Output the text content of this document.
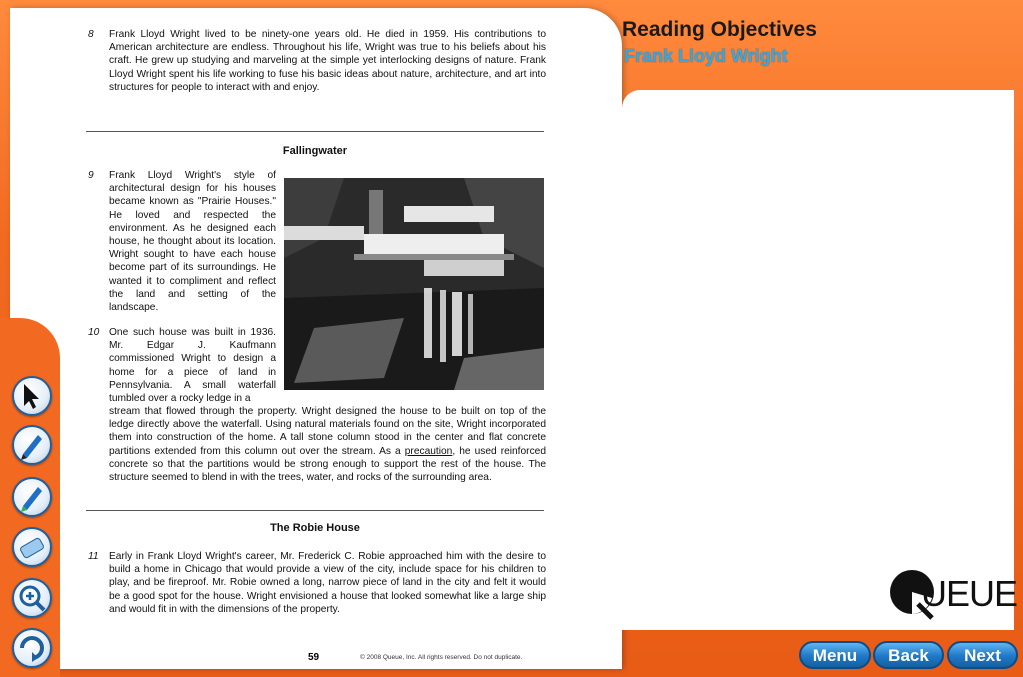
Reading Objectives
Frank Lloyd Wright
8 Frank Lloyd Wright lived to be ninety-one years old. He died in 1959. His contributions to American architecture are endless. Throughout his life, Wright was true to his beliefs about his craft. He grew up studying and marveling at the simple yet interlocking designs of nature. Frank Lloyd Wright spent his life working to fuse his basic ideas about nature, architecture, and art into structures for people to interact with and enjoy.
Fallingwater
9 Frank Lloyd Wright's style of architectural design for his houses became known as "Prairie Houses." He loved and respected the environment. As he designed each house, he thought about its location. Wright sought to have each house become part of its surroundings. He wanted it to compliment and reflect the land and setting of the landscape.
10 One such house was built in 1936. Mr. Edgar J. Kaufmann commissioned Wright to design a home for a piece of land in Pennsylvania. A small waterfall tumbled over a rocky ledge in a
stream that flowed through the property. Wright designed the house to be built on top of the ledge directly above the waterfall. Using natural materials found on the site, Wright incorporated them into construction of the home. A tall stone column stood in the center and flat concrete partitions extended from this column out over the stream. As a precaution, he used reinforced concrete so that the partitions would be strong enough to support the rest of the house. The structure seemed to blend in with the trees, water, and rocks of the surrounding area.
The Robie House
11 Early in Frank Lloyd Wright's career, Mr. Frederick C. Robie approached him with the desire to build a home in Chicago that would provide a view of the city, include space for his children to play, and be fireproof. Mr. Robie owned a long, narrow piece of land in the city and felt it would be a good spot for the house. Wright envisioned a house that looked somewhat like a large ship and would fit in with the dimensions of the property.
59	© 2008 Queue, Inc. All rights reserved. Do not duplicate.
UEUE
Menu	Back	Next
